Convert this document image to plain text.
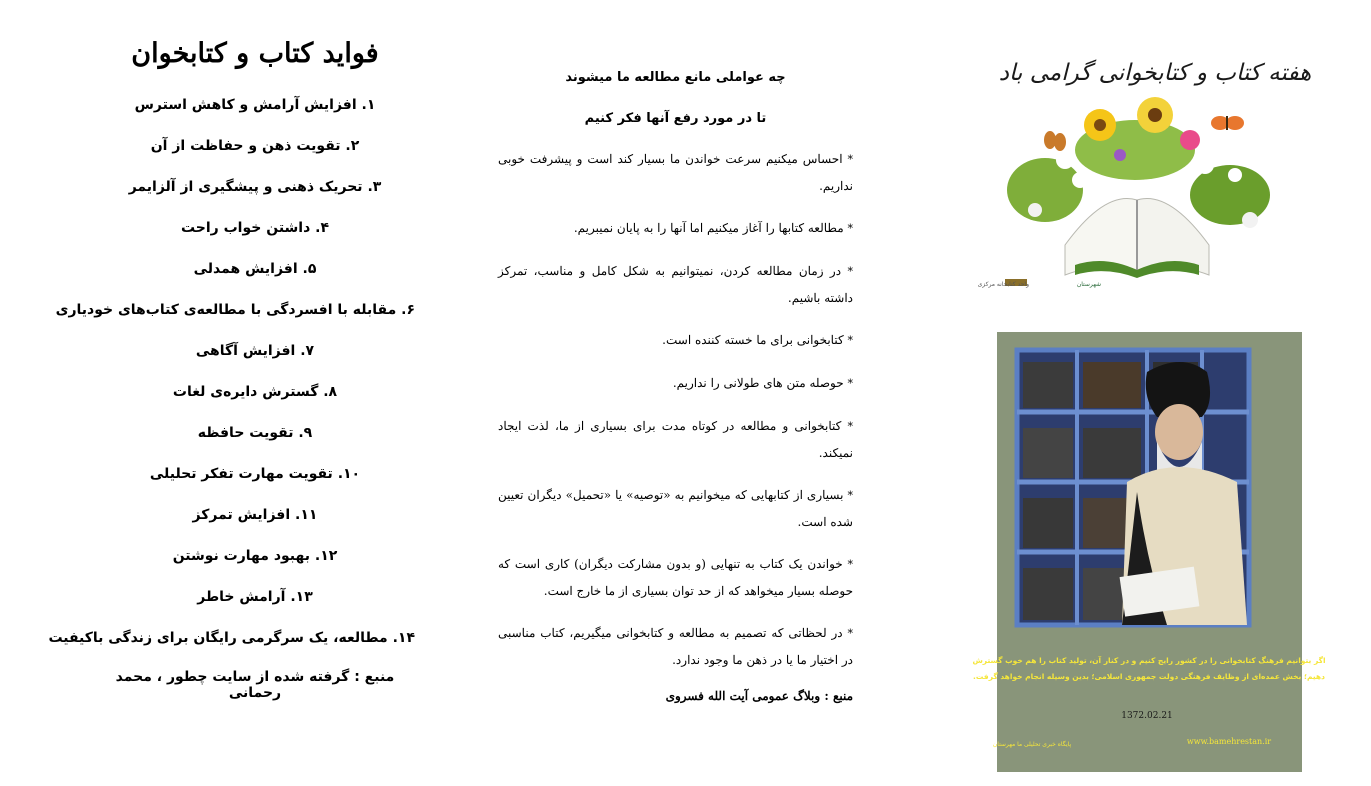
فواید کتاب و کتابخوان
۱. افزایش آرامش و کاهش استرس
۲. تقویت ذهن و حفاظت از آن
۳. تحریک ذهنی و پیشگیری از آلزایمر
۴. داشتن خواب راحت
۵. افزایش همدلی
۶. مقابله با افسردگی با مطالعه‌ی کتاب‌های خودیاری
۷. افزایش آگاهی
۸. گسترش دایره‌ی لغات
۹. تقویت حافظه
۱۰. تقویت مهارت تفکر تحلیلی
۱۱. افزایش تمرکز
۱۲. بهبود مهارت نوشتن
۱۳. آرامش خاطر
۱۴. مطالعه، یک سرگرمی رایگان برای زندگی باکیفیت
منبع : گرفته شده از سایت چطور ، محمد رحمانی
چه عواملی مانع مطالعه ما میشوند
تا در مورد رفع آنها فکر کنیم
* احساس میکنیم سرعت خواندن ما بسیار کند است و پیشرفت خوبی نداریم.
* مطالعه کتابها را آغاز میکنیم اما آنها را به پایان نمیبریم.
* در زمان مطالعه کردن، نمیتوانیم به شکل کامل و مناسب، تمرکز داشته باشیم.
* کتابخوانی برای ما خسته کننده است.
* حوصله متن های طولانی را نداریم.
* کتابخوانی و مطالعه در کوتاه مدت برای بسیاری از ما، لذت ایجاد نمیکند.
* بسیاری از کتابهایی که میخوانیم به «توصیه» یا «تحمیل» دیگران تعیین شده است.
* خواندن یک کتاب به تنهایی (و بدون مشارکت دیگران) کاری است که حوصله بسیار میخواهد که از حد توان بسیاری از ما خارج است.
* در لحظاتی که تصمیم به مطالعه و کتابخوانی میگیریم، کتاب مناسبی در اختیار ما یا در ذهن ما وجود ندارد.
منبع : وبلاگ عمومی آیت الله فسروی
هفته کتاب و کتابخوانی گرامی باد
واحد کتابخانه مرکزی	شهرستان
اگر بتوانیم فرهنگ کتابخوانی را در کشور رایج کنیم و در کنار آن، تولید کتاب را هم خوب گسترش
دهیم؛ بخش عمده‌ای از وظایف فرهنگی دولت جمهوری اسلامی؛ بدین وسیله انجام خواهد گرفت.
1372.02.21
www.bamehrestan.ir
پایگاه خبری تحلیلی ما مهرستان
